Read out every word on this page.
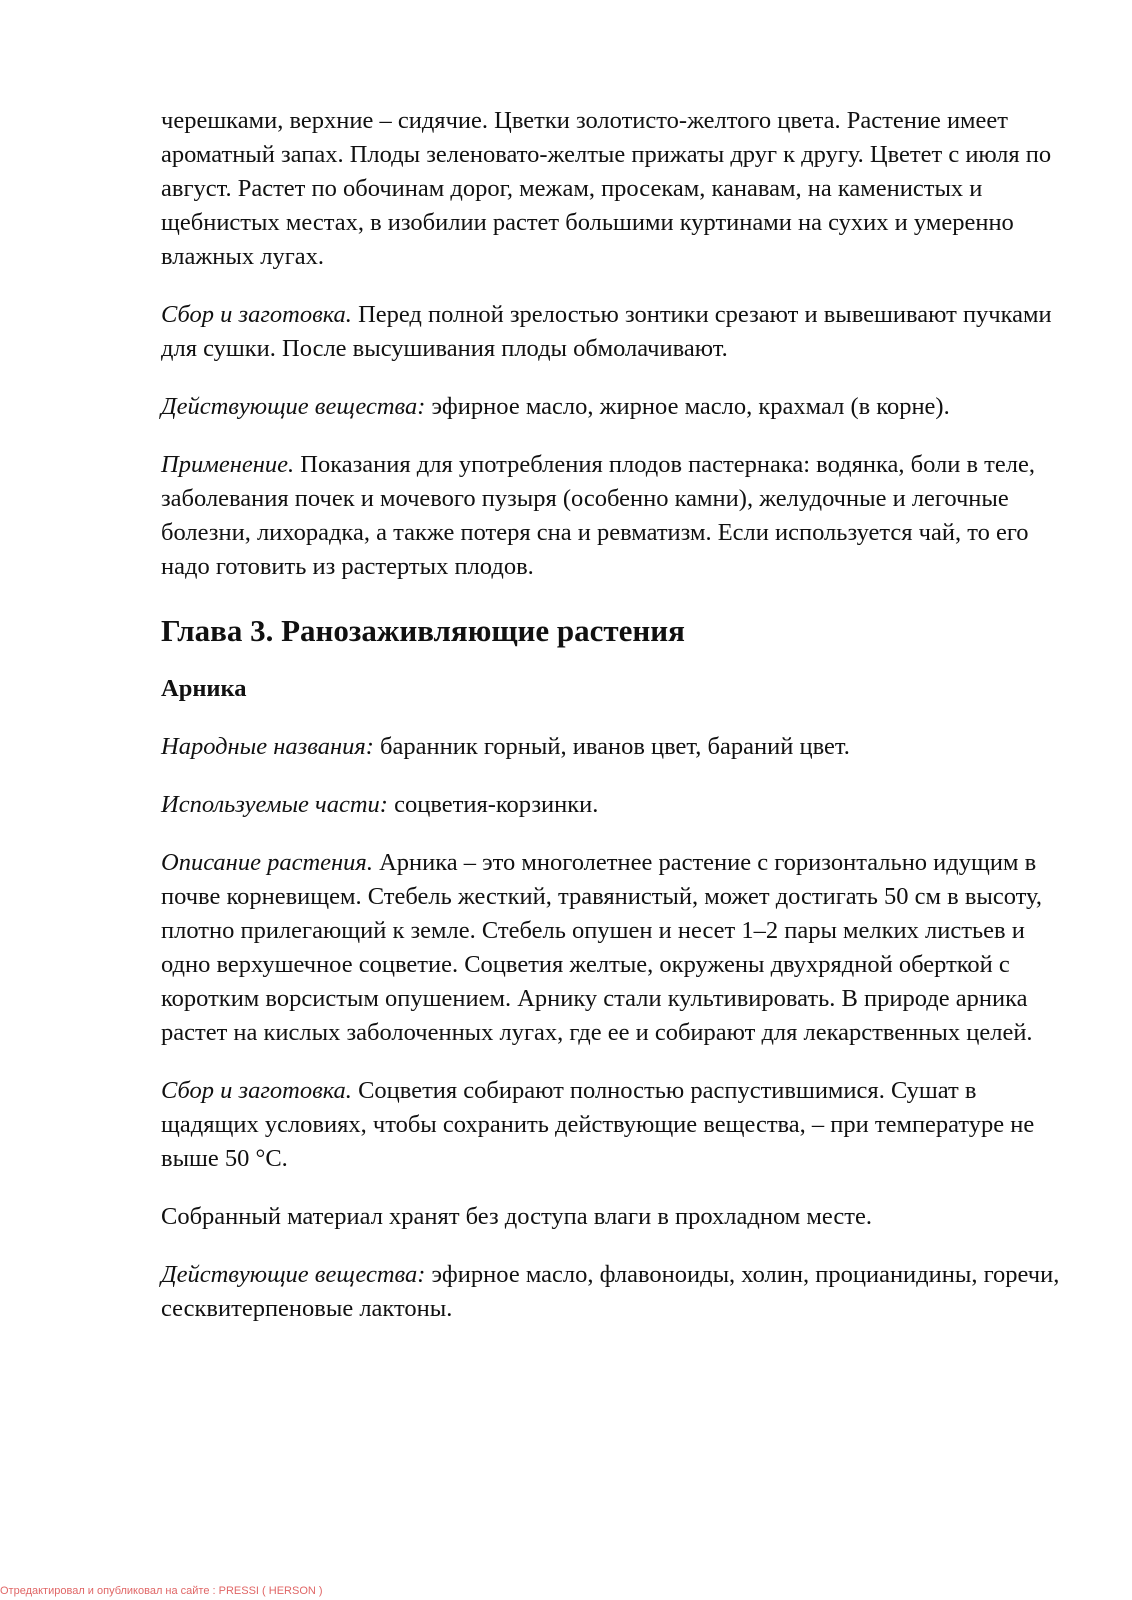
черешками, верхние – сидячие. Цветки золотисто-желтого цвета. Растение имеет ароматный запах. Плоды зеленовато-желтые прижаты друг к другу. Цветет с июля по август. Растет по обочинам дорог, межам, просекам, канавам, на каменистых и щебнистых местах, в изобилии растет большими куртинами на сухих и умеренно влажных лугах.

Сбор и заготовка. Перед полной зрелостью зонтики срезают и вывешивают пучками для сушки. После высушивания плоды обмолачивают.

Действующие вещества: эфирное масло, жирное масло, крахмал (в корне).

Применение. Показания для употребления плодов пастернака: водянка, боли в теле, заболевания почек и мочевого пузыря (особенно камни), желудочные и легочные болезни, лихорадка, а также потеря сна и ревматизм. Если используется чай, то его надо готовить из растертых плодов.

Глава 3. Ранозаживляющие растения
Арника

Народные названия: баранник горный, иванов цвет, бараний цвет.

Используемые части: соцветия-корзинки.

Описание растения. Арника – это многолетнее растение с горизонтально идущим в почве корневищем. Стебель жесткий, травянистый, может достигать 50 см в высоту, плотно прилегающий к земле. Стебель опушен и несет 1–2 пары мелких листьев и одно верхушечное соцветие. Соцветия желтые, окружены двухрядной оберткой с коротким ворсистым опушением. Арнику стали культивировать. В природе арника растет на кислых заболоченных лугах, где ее и собирают для лекарственных целей.

Сбор и заготовка. Соцветия собирают полностью распустившимися. Сушат в щадящих условиях, чтобы сохранить действующие вещества, – при температуре не выше 50 °С.

Собранный материал хранят без доступа влаги в прохладном месте.

Действующие вещества: эфирное масло, флавоноиды, холин, процианидины, горечи, сесквитерпеновые лактоны.

Отредактировал и опубликовал на сайте : PRESSI ( HERSON )
